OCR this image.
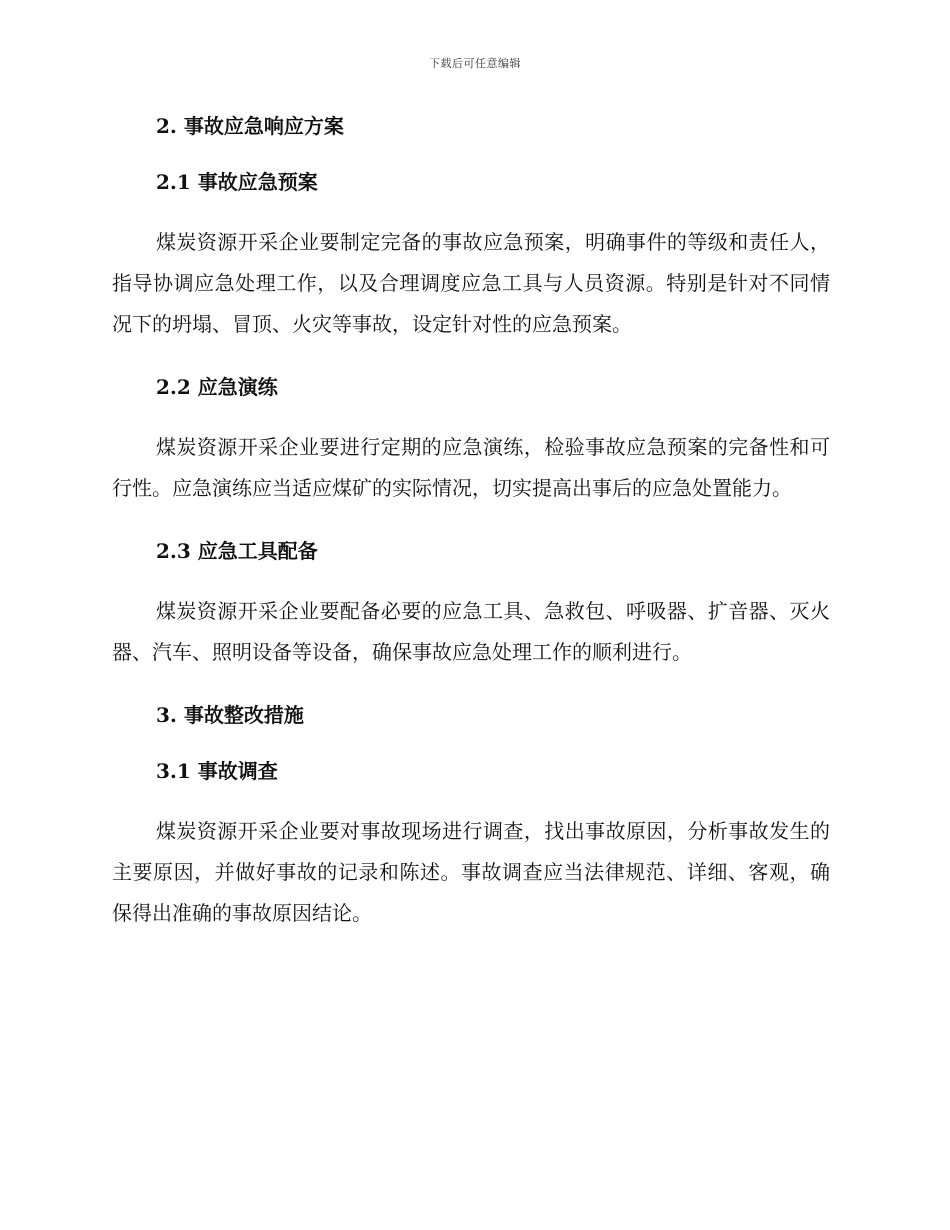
下载后可任意编辑
2. 事故应急响应方案
2.1 事故应急预案

煤炭资源开采企业要制定完备的事故应急预案，明确事件的等级和责任人，指导协调应急处理工作，以及合理调度应急工具与人员资源。特别是针对不同情况下的坍塌、冒顶、火灾等事故，设定针对性的应急预案。

2.2 应急演练

煤炭资源开采企业要进行定期的应急演练，检验事故应急预案的完备性和可行性。应急演练应当适应煤矿的实际情况，切实提高出事后的应急处置能力。

2.3 应急工具配备

煤炭资源开采企业要配备必要的应急工具、急救包、呼吸器、扩音器、灭火器、汽车、照明设备等设备，确保事故应急处理工作的顺利进行。

3. 事故整改措施
3.1 事故调查

煤炭资源开采企业要对事故现场进行调查，找出事故原因，分析事故发生的主要原因，并做好事故的记录和陈述。事故调查应当法律规范、详细、客观，确保得出准确的事故原因结论。
